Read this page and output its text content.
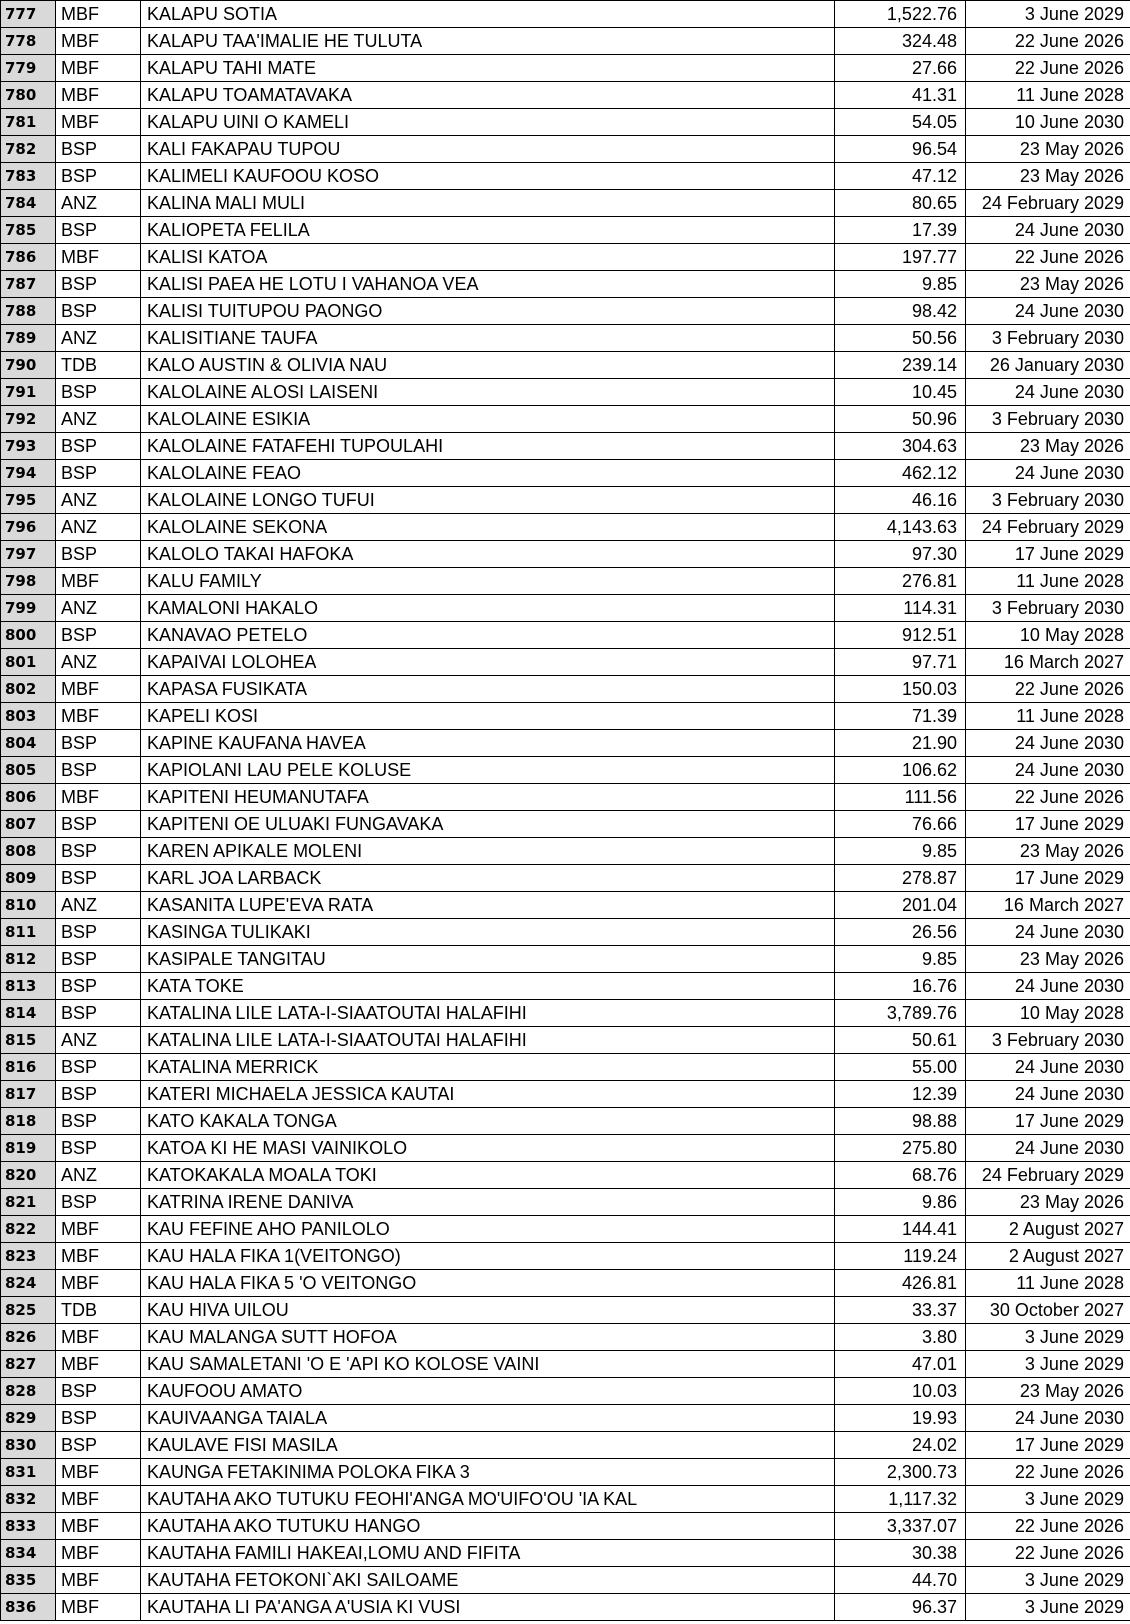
777	MBF	KALAPU SOTIA	1,522.76	3 June 2029
778	MBF	KALAPU TAA'IMALIE HE TULUTA	324.48	22 June 2026
779	MBF	KALAPU TAHI MATE	27.66	22 June 2026
780	MBF	KALAPU TOAMATAVAKA	41.31	11 June 2028
781	MBF	KALAPU UINI O KAMELI	54.05	10 June 2030
782	BSP	KALI FAKAPAU TUPOU	96.54	23 May 2026
783	BSP	KALIMELI KAUFOOU KOSO	47.12	23 May 2026
784	ANZ	KALINA MALI MULI	80.65	24 February 2029
785	BSP	KALIOPETA FELILA	17.39	24 June 2030
786	MBF	KALISI KATOA	197.77	22 June 2026
787	BSP	KALISI PAEA HE LOTU I VAHANOA VEA	9.85	23 May 2026
788	BSP	KALISI TUITUPOU PAONGO	98.42	24 June 2030
789	ANZ	KALISITIANE TAUFA	50.56	3 February 2030
790	TDB	KALO AUSTIN & OLIVIA NAU	239.14	26 January 2030
791	BSP	KALOLAINE ALOSI LAISENI	10.45	24 June 2030
792	ANZ	KALOLAINE ESIKIA	50.96	3 February 2030
793	BSP	KALOLAINE FATAFEHI TUPOULAHI	304.63	23 May 2026
794	BSP	KALOLAINE FEAO	462.12	24 June 2030
795	ANZ	KALOLAINE LONGO TUFUI	46.16	3 February 2030
796	ANZ	KALOLAINE SEKONA	4,143.63	24 February 2029
797	BSP	KALOLO TAKAI HAFOKA	97.30	17 June 2029
798	MBF	KALU FAMILY	276.81	11 June 2028
799	ANZ	KAMALONI HAKALO	114.31	3 February 2030
800	BSP	KANAVAO PETELO	912.51	10 May 2028
801	ANZ	KAPAIVAI LOLOHEA	97.71	16 March 2027
802	MBF	KAPASA FUSIKATA	150.03	22 June 2026
803	MBF	KAPELI KOSI	71.39	11 June 2028
804	BSP	KAPINE KAUFANA HAVEA	21.90	24 June 2030
805	BSP	KAPIOLANI LAU PELE KOLUSE	106.62	24 June 2030
806	MBF	KAPITENI HEUMANUTAFA	111.56	22 June 2026
807	BSP	KAPITENI OE ULUAKI FUNGAVAKA	76.66	17 June 2029
808	BSP	KAREN APIKALE MOLENI	9.85	23 May 2026
809	BSP	KARL JOA LARBACK	278.87	17 June 2029
810	ANZ	KASANITA LUPE'EVA RATA	201.04	16 March 2027
811	BSP	KASINGA TULIKAKI	26.56	24 June 2030
812	BSP	KASIPALE TANGITAU	9.85	23 May 2026
813	BSP	KATA TOKE	16.76	24 June 2030
814	BSP	KATALINA LILE LATA-I-SIAATOUTAI HALAFIHI	3,789.76	10 May 2028
815	ANZ	KATALINA LILE LATA-I-SIAATOUTAI HALAFIHI	50.61	3 February 2030
816	BSP	KATALINA MERRICK	55.00	24 June 2030
817	BSP	KATERI MICHAELA JESSICA KAUTAI	12.39	24 June 2030
818	BSP	KATO KAKALA TONGA	98.88	17 June 2029
819	BSP	KATOA KI HE MASI VAINIKOLO	275.80	24 June 2030
820	ANZ	KATOKAKALA MOALA TOKI	68.76	24 February 2029
821	BSP	KATRINA IRENE DANIVA	9.86	23 May 2026
822	MBF	KAU FEFINE AHO PANILOLO	144.41	2 August 2027
823	MBF	KAU HALA FIKA 1(VEITONGO)	119.24	2 August 2027
824	MBF	KAU HALA FIKA 5 'O VEITONGO	426.81	11 June 2028
825	TDB	KAU HIVA UILOU	33.37	30 October 2027
826	MBF	KAU MALANGA SUTT HOFOA	3.80	3 June 2029
827	MBF	KAU SAMALETANI 'O E 'API KO KOLOSE VAINI	47.01	3 June 2029
828	BSP	KAUFOOU AMATO	10.03	23 May 2026
829	BSP	KAUIVAANGA TAIALA	19.93	24 June 2030
830	BSP	KAULAVE FISI MASILA	24.02	17 June 2029
831	MBF	KAUNGA FETAKINIMA POLOKA FIKA 3	2,300.73	22 June 2026
832	MBF	KAUTAHA AKO TUTUKU FEOHI'ANGA MO'UIFO'OU 'IA KAL	1,117.32	3 June 2029
833	MBF	KAUTAHA AKO TUTUKU HANGO	3,337.07	22 June 2026
834	MBF	KAUTAHA FAMILI HAKEAI,LOMU AND FIFITA	30.38	22 June 2026
835	MBF	KAUTAHA FETOKONI`AKI SAILOAME	44.70	3 June 2029
836	MBF	KAUTAHA LI PA'ANGA A'USIA KI VUSI	96.37	3 June 2029
